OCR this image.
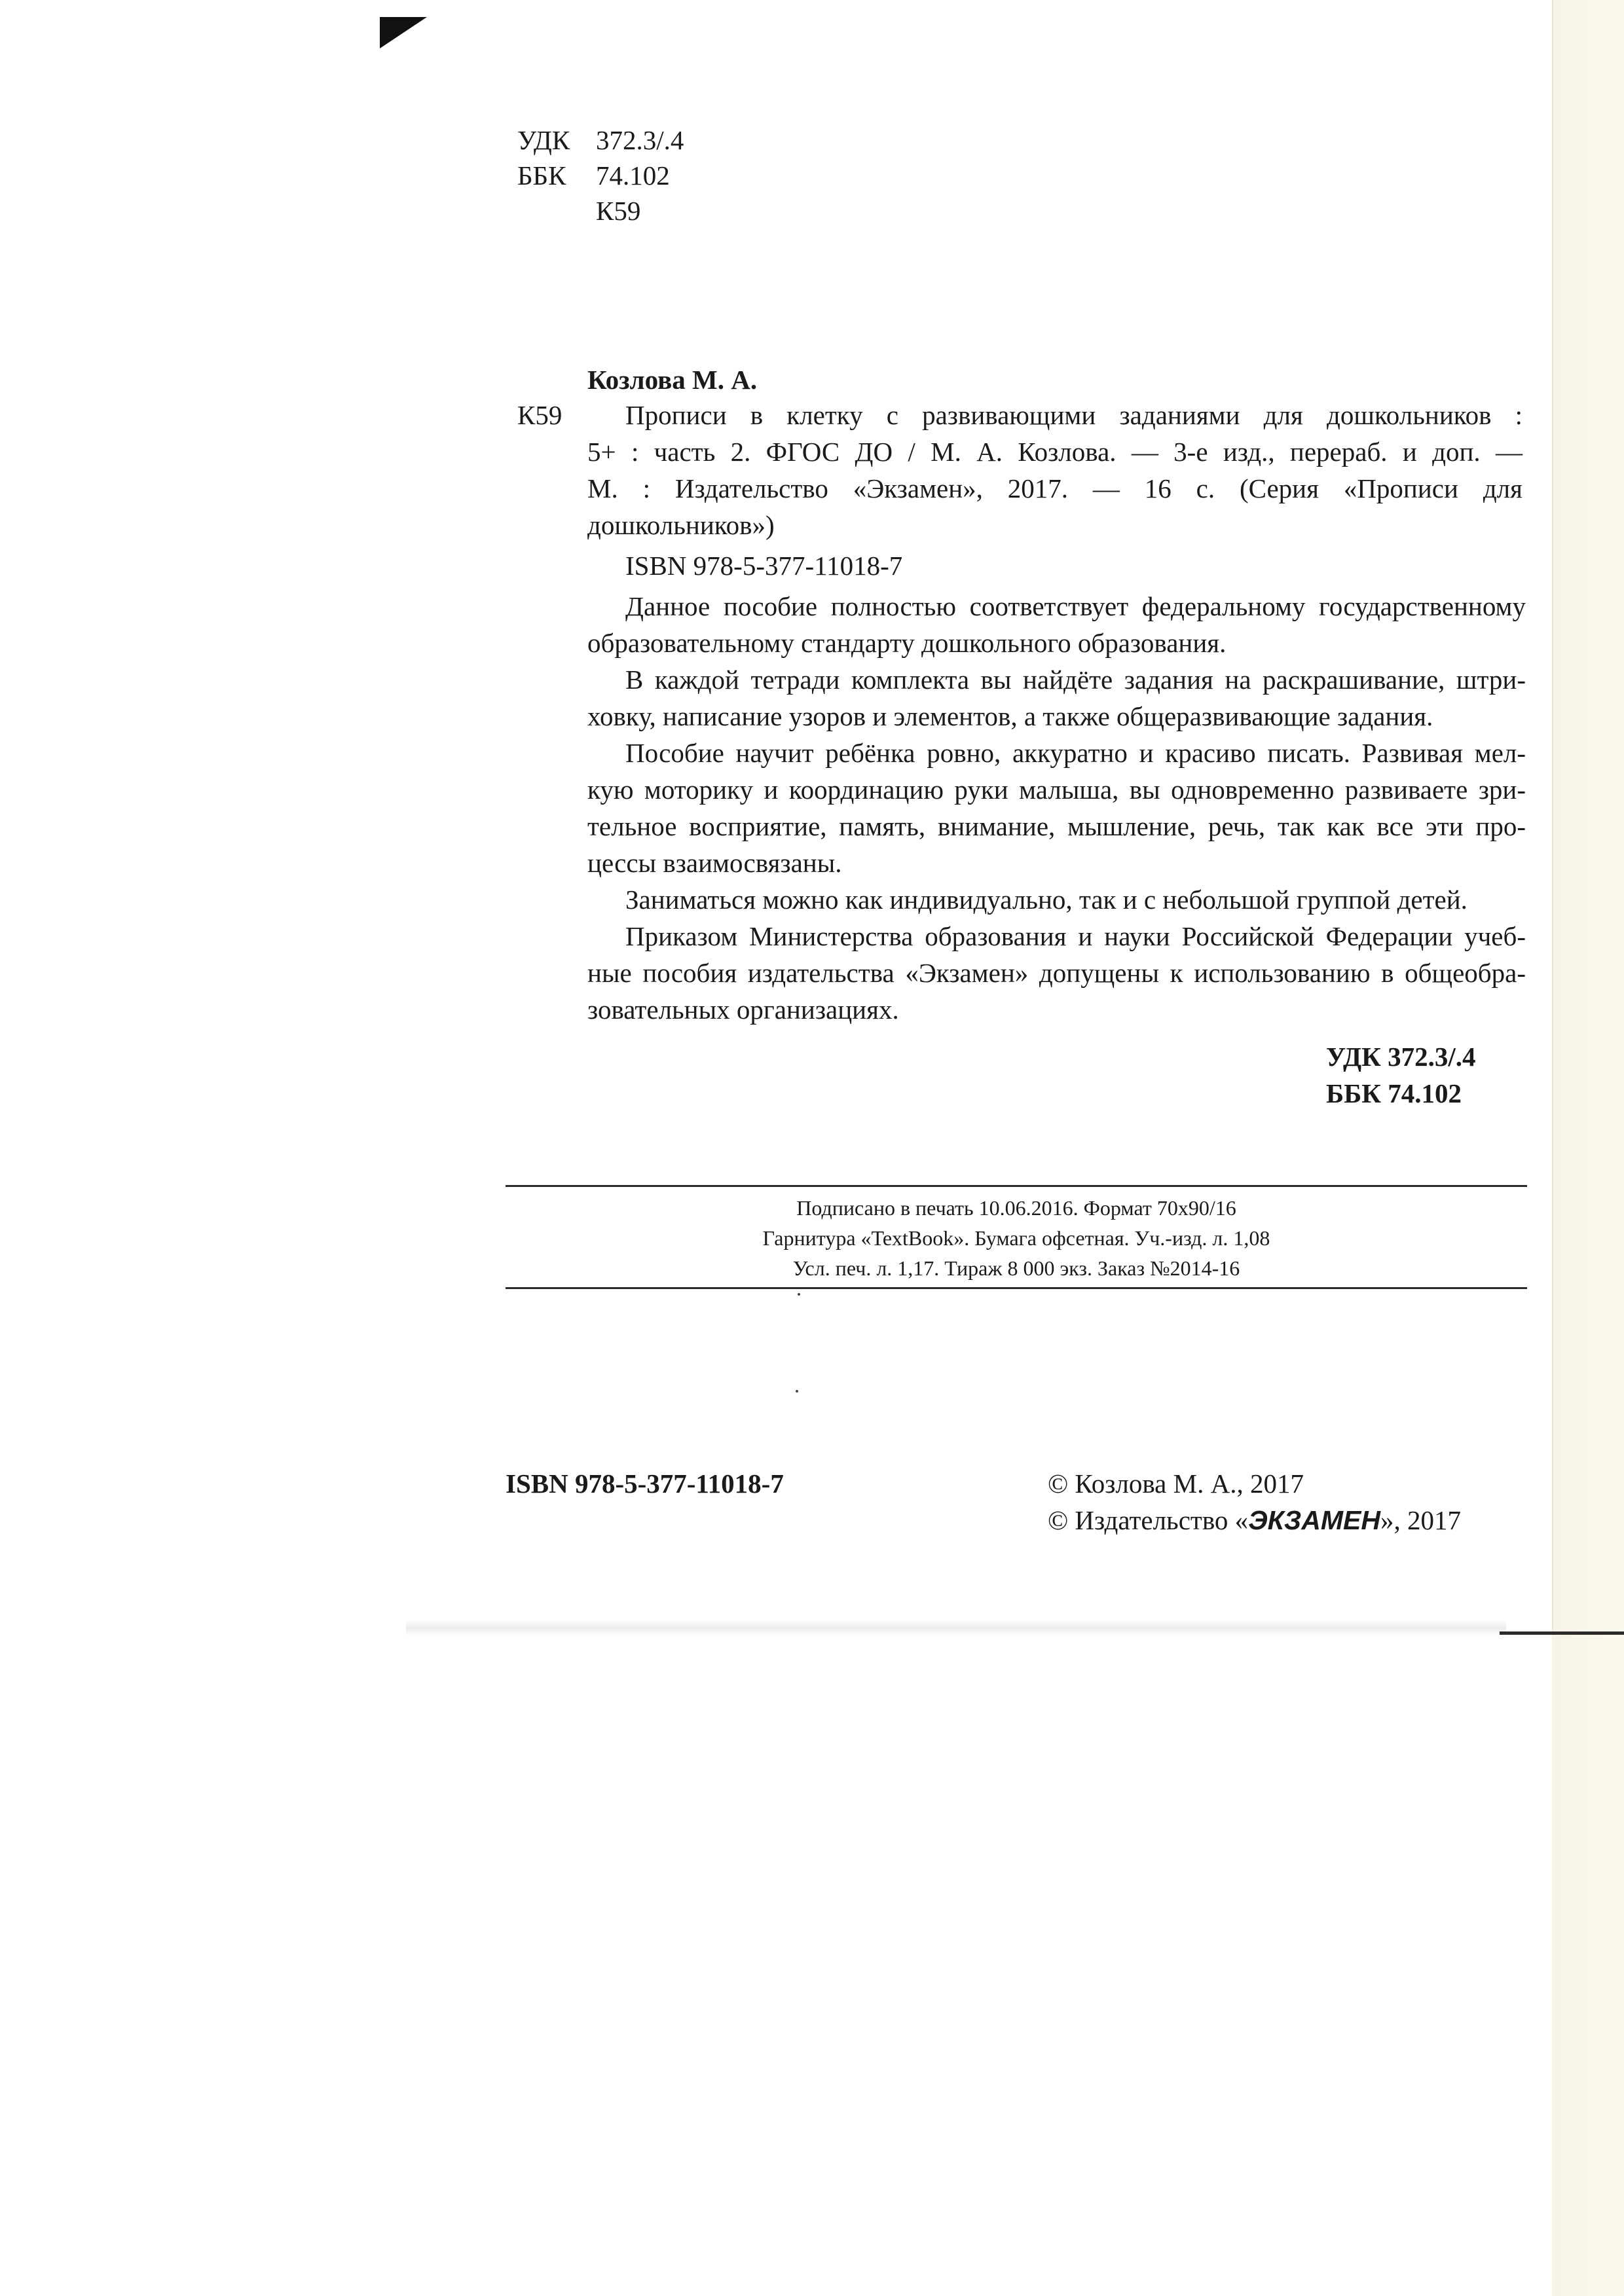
УДК 372.3/.4
ББК 74.102
К59
Козлова М. А.
К59 Прописи в клетку с развивающими заданиями для дошкольников :
5+ : часть 2. ФГОС ДО / М. А. Козлова. — 3-е изд., перераб. и доп. —
М. : Издательство «Экзамен», 2017. — 16 с. (Серия «Прописи для
дошкольников»)
ISBN 978-5-377-11018-7
Данное пособие полностью соответствует федеральному государственному
образовательному стандарту дошкольного образования.
В каждой тетради комплекта вы найдёте задания на раскрашивание, штри-
ховку, написание узоров и элементов, а также общеразвивающие задания.
Пособие научит ребёнка ровно, аккуратно и красиво писать. Развивая мел-
кую моторику и координацию руки малыша, вы одновременно развиваете зри-
тельное восприятие, память, внимание, мышление, речь, так как все эти про-
цессы взаимосвязаны.
Заниматься можно как индивидуально, так и с небольшой группой детей.
Приказом Министерства образования и науки Российской Федерации учеб-
ные пособия издательства «Экзамен» допущены к использованию в общеобра-
зовательных организациях.
УДК 372.3/.4
ББК 74.102
Подписано в печать 10.06.2016. Формат 70х90/16
Гарнитура «TextBook». Бумага офсетная. Уч.-изд. л. 1,08
Усл. печ. л. 1,17. Тираж 8 000 экз. Заказ №2014-16
ISBN 978-5-377-11018-7	© Козлова М. А., 2017
© Издательство «ЭКЗАМЕН», 2017
